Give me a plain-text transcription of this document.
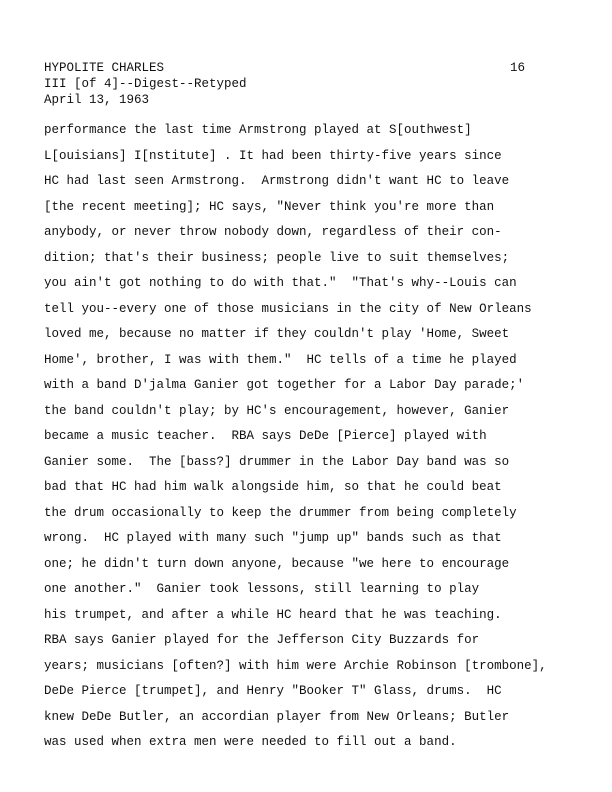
HYPOLITE CHARLES
III [of 4]--Digest--Retyped
April 13, 1963
16
performance the last time Armstrong played at S[outhwest]
L[ouisians] I[nstitute] . It had been thirty-five years since
HC had last seen Armstrong.  Armstrong didn't want HC to leave
[the recent meeting]; HC says, "Never think you're more than
anybody, or never throw nobody down, regardless of their con-
dition; that's their business; people live to suit themselves;
you ain't got nothing to do with that."  "That's why--Louis can
tell you--every one of those musicians in the city of New Orleans
loved me, because no matter if they couldn't play 'Home, Sweet
Home', brother, I was with them."  HC tells of a time he played
with a band D'jalma Ganier got together for a Labor Day parade;'
the band couldn't play; by HC's encouragement, however, Ganier
became a music teacher.  RBA says DeDe [Pierce] played with
Ganier some.  The [bass?] drummer in the Labor Day band was so
bad that HC had him walk alongside him, so that he could beat
the drum occasionally to keep the drummer from being completely
wrong.  HC played with many such "jump up" bands such as that
one; he didn't turn down anyone, because "we here to encourage
one another."  Ganier took lessons, still learning to play
his trumpet, and after a while HC heard that he was teaching.
RBA says Ganier played for the Jefferson City Buzzards for
years; musicians [often?] with him were Archie Robinson [trombone],
DeDe Pierce [trumpet], and Henry "Booker T" Glass, drums.  HC
knew DeDe Butler, an accordian player from New Orleans; Butler
was used when extra men were needed to fill out a band.
